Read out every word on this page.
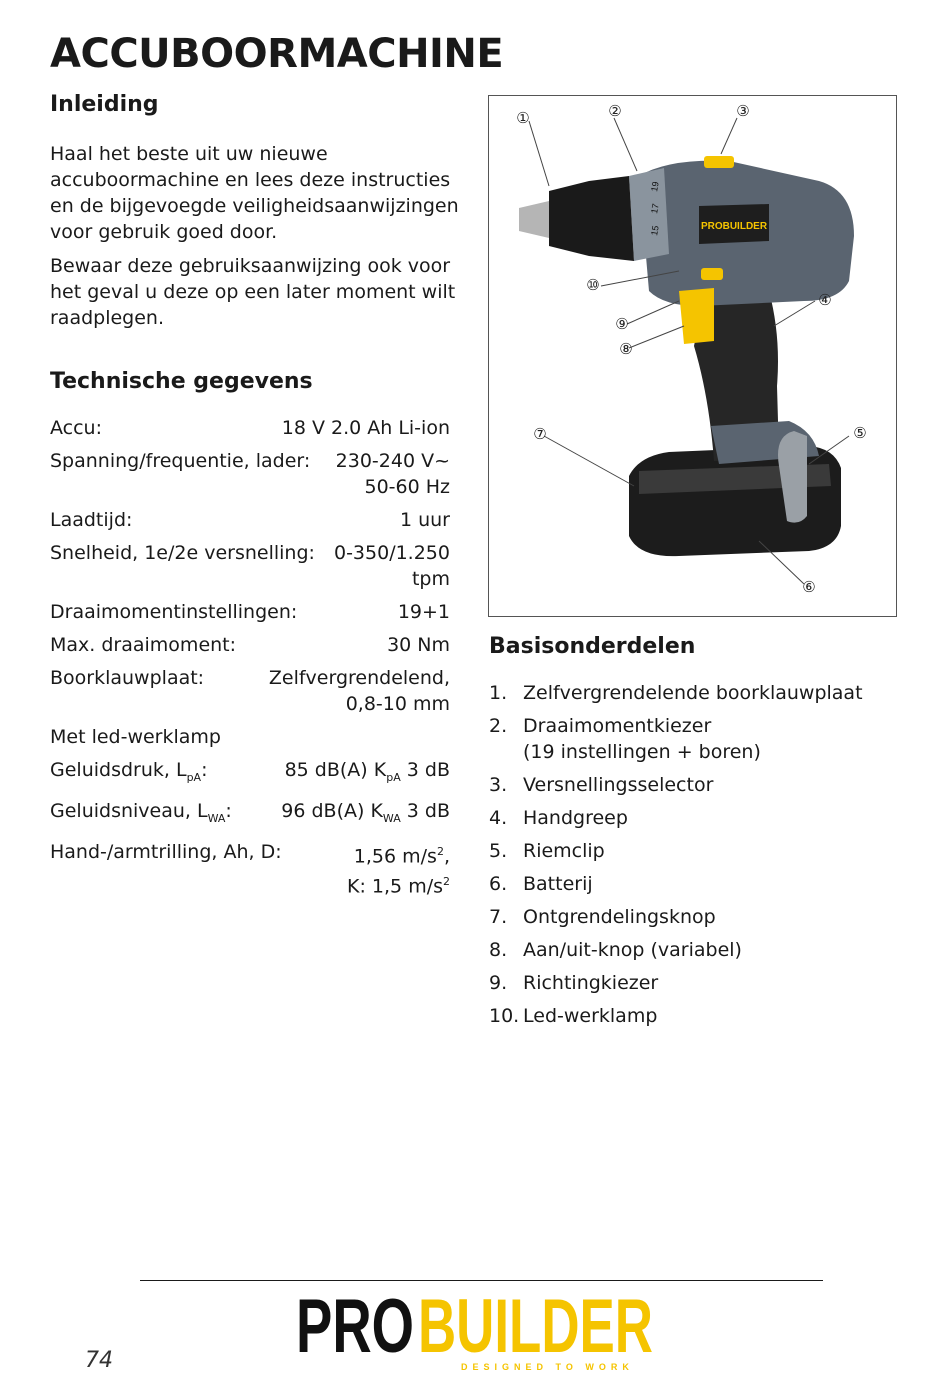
ACCUBOORMACHINE
Inleiding

Haal het beste uit uw nieuwe accuboormachine en lees deze instructies en de bijgevoegde veiligheidsaanwijzingen voor gebruik goed door.

Bewaar deze gebruiksaanwijzing ook voor het geval u deze op een later moment wilt raadplegen.

Technische gegevens
Accu:	18 V 2.0 Ah Li-ion
Spanning/frequentie, lader: 230-240 V~
50-60 Hz
Laadtijd:	1 uur
Snelheid, 1e/2e versnelling:	0-350/1.250 tpm
Draaimomentinstellingen:	19+1
Max. draaimoment:	30 Nm
Boorklauwplaat:	Zelfvergrendelend,
0,8-10 mm
Met led-werklamp
Geluidsdruk, $L_{pA}$:	85 dB(A) $K_{pA}$ 3 dB
Geluidsniveau, $L_{WA}$:	96 dB(A) $K_{WA}$ 3 dB
Hand-/armtrilling, Ah, D:	1,56 $m/s^2$,
K: 1,5 $m/s^2$
PROBUILDER
15
17
19
①	②	③
④
⑤
⑥
⑦
⑧
⑨
⑩
Basisonderdelen
1. Zelfvergrendelende boorklauwplaat
2. Draaimomentkiezer
(19 instellingen + boren)
3. Versnellingsselector
4. Handgreep
5. Riemclip
6. Batterij
7. Ontgrendelingsknop
8. Aan/uit-knop (variabel)
9. Richtingkiezer
10. Led-werklamp
PRO BUILDER
DESIGNED TO WORK
74
